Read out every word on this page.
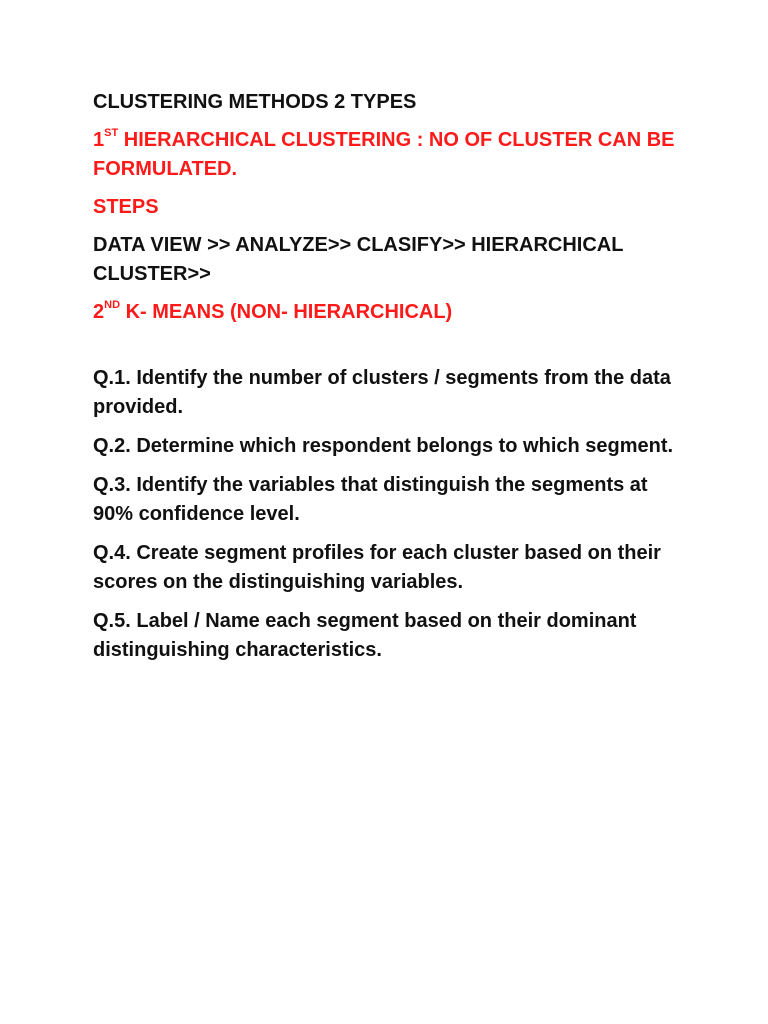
CLUSTERING METHODS 2 TYPES
1ST HIERARCHICAL CLUSTERING : NO OF CLUSTER CAN BE FORMULATED.
STEPS
DATA VIEW >> ANALYZE>> CLASIFY>> HIERARCHICAL CLUSTER>>
2ND K- MEANS (NON- HIERARCHICAL)
Q.1. Identify the number of clusters / segments from the data provided.
Q.2. Determine which respondent belongs to which segment.
Q.3. Identify the variables that distinguish the segments at 90% confidence level.
Q.4. Create segment profiles for each cluster based on their scores on the distinguishing variables.
Q.5. Label / Name each segment based on their dominant distinguishing characteristics.
